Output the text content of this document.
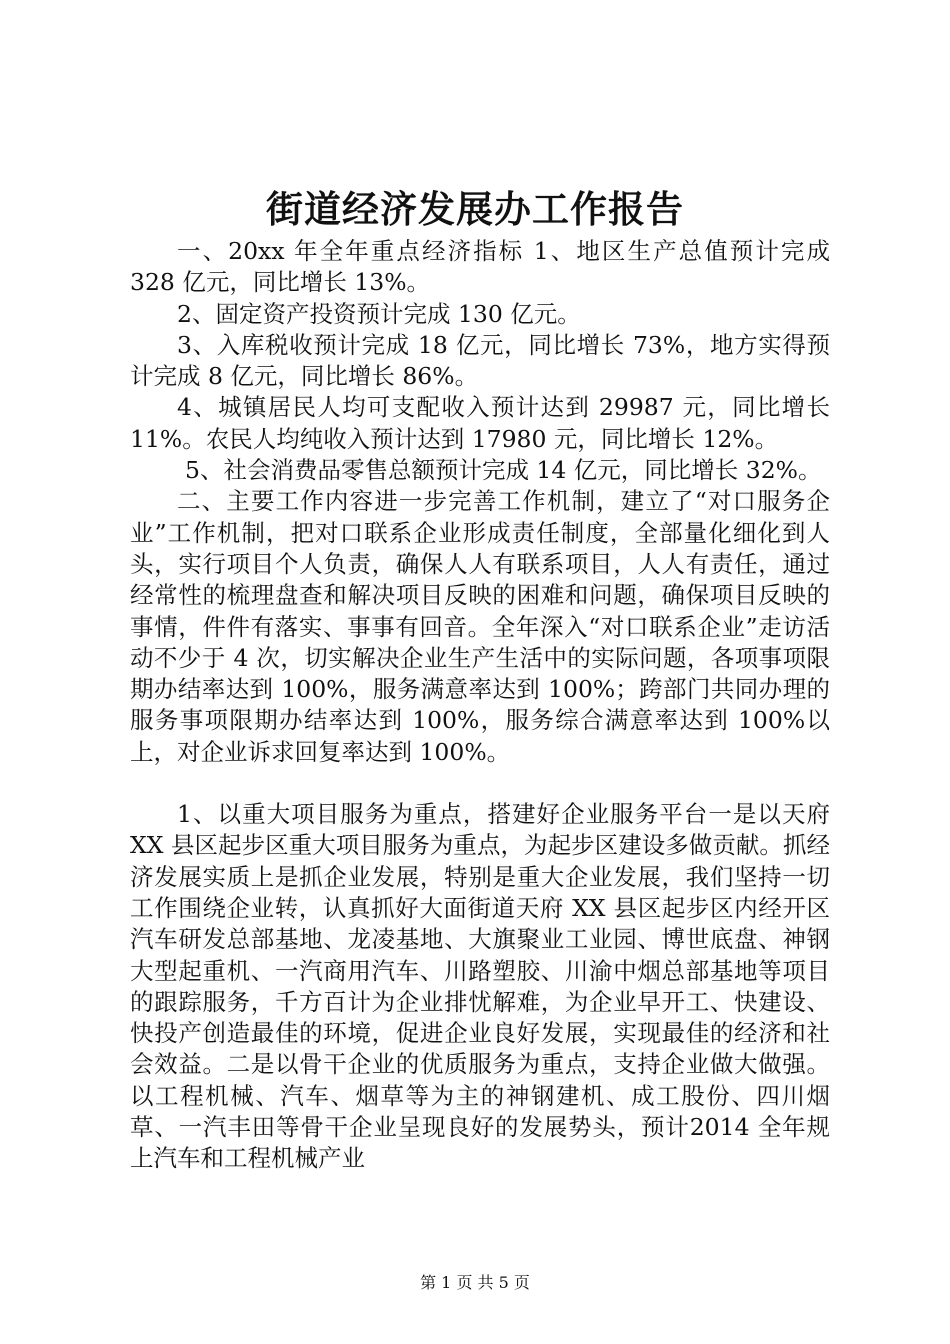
街道经济发展办工作报告

一、20xx 年全年重点经济指标 1、地区生产总值预计完成 328 亿元，同比增长 13%。

2、固定资产投资预计完成 130 亿元。

3、入库税收预计完成 18 亿元，同比增长 73%，地方实得预计完成 8 亿元，同比增长 86%。

4、城镇居民人均可支配收入预计达到 29987 元，同比增长 11%。农民人均纯收入预计达到 17980 元，同比增长 12%。

5、社会消费品零售总额预计完成 14 亿元，同比增长 32%。

二、主要工作内容进一步完善工作机制，建立了“对口服务企业”工作机制，把对口联系企业形成责任制度，全部量化细化到人头，实行项目个人负责，确保人人有联系项目，人人有责任，通过经常性的梳理盘查和解决项目反映的困难和问题，确保项目反映的事情，件件有落实、事事有回音。全年深入“对口联系企业”走访活动不少于 4 次，切实解决企业生产生活中的实际问题，各项事项限期办结率达到 100%，服务满意率达到 100%；跨部门共同办理的服务事项限期办结率达到 100%，服务综合满意率达到 100%以上，对企业诉求回复率达到 100%。

1、以重大项目服务为重点，搭建好企业服务平台一是以天府 XX 县区起步区重大项目服务为重点，为起步区建设多做贡献。抓经济发展实质上是抓企业发展，特别是重大企业发展，我们坚持一切工作围绕企业转，认真抓好大面街道天府 XX 县区起步区内经开区汽车研发总部基地、龙凌基地、大旗聚业工业园、博世底盘、神钢大型起重机、一汽商用汽车、川路塑胶、川渝中烟总部基地等项目的跟踪服务，千方百计为企业排忧解难，为企业早开工、快建设、快投产创造最佳的环境，促进企业良好发展，实现最佳的经济和社会效益。二是以骨干企业的优质服务为重点，支持企业做大做强。以工程机械、汽车、烟草等为主的神钢建机、成工股份、四川烟草、一汽丰田等骨干企业呈现良好的发展势头，预计2014 全年规上汽车和工程机械产业

第 1 页 共 5 页
